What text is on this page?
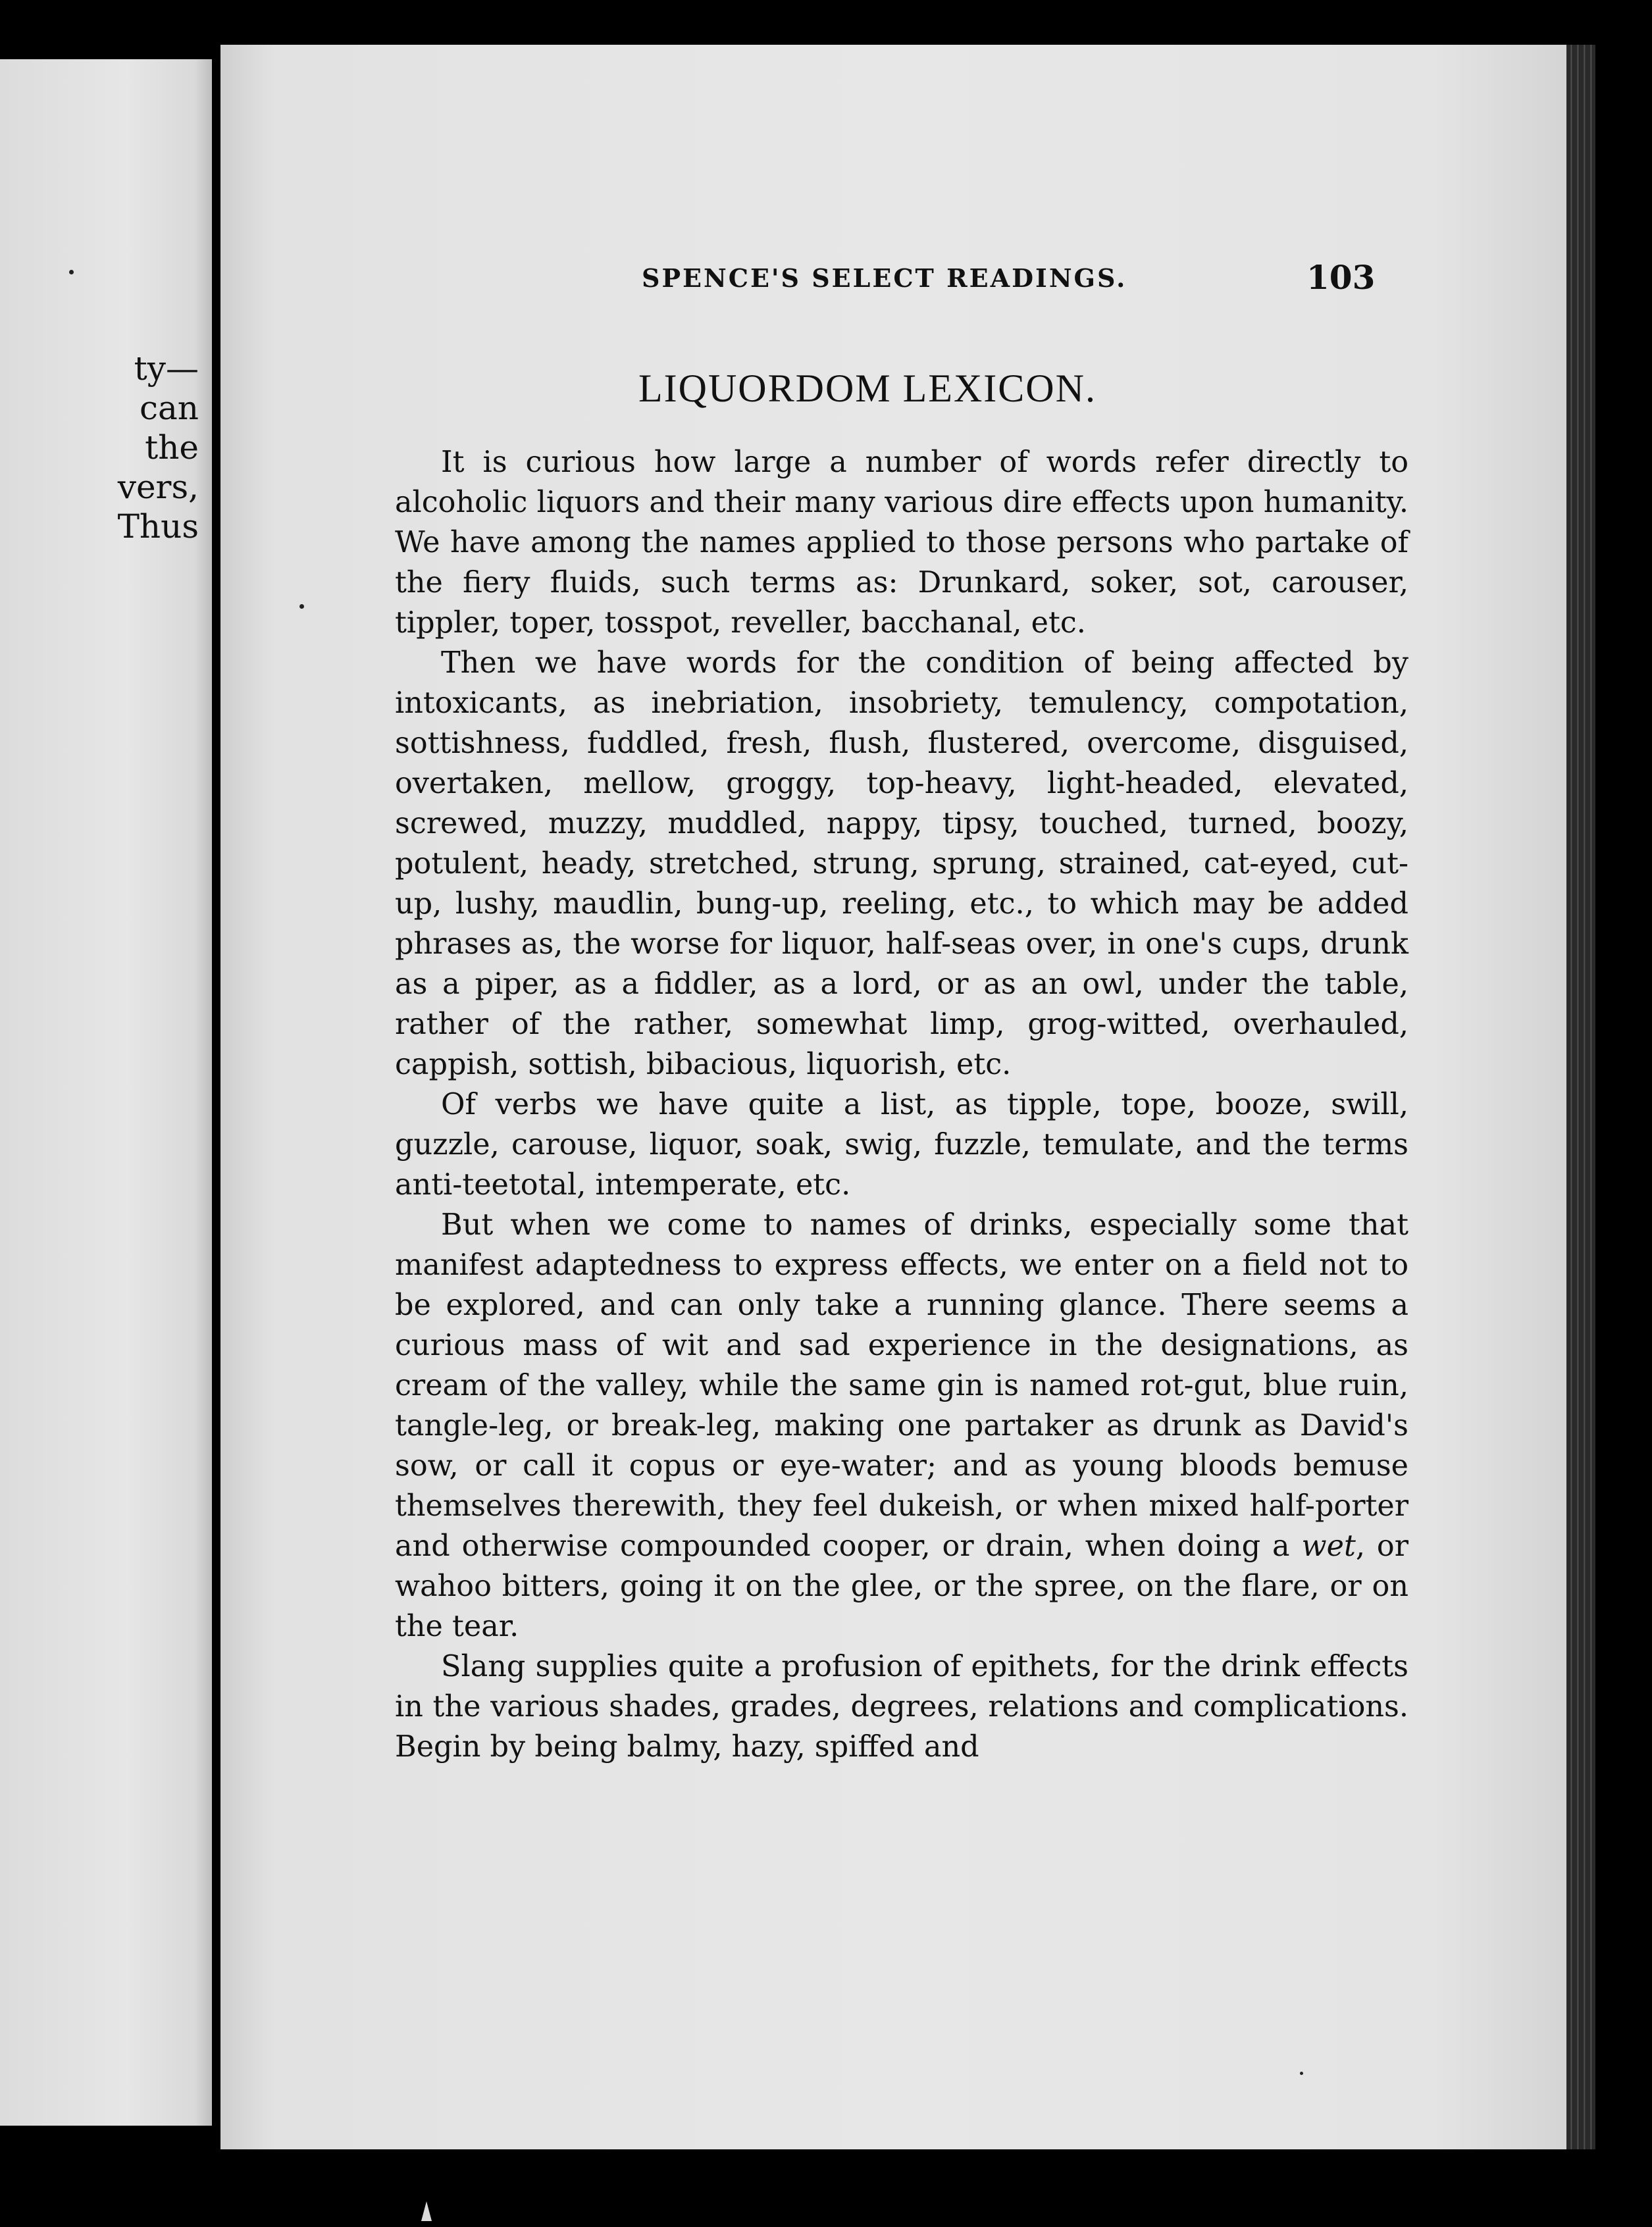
ty—
can
the
vers,
Thus
SPENCE'S SELECT READINGS.	103
LIQUORDOM LEXICON.

It is curious how large a number of words refer directly to alcoholic liquors and their many various dire effects upon humanity. We have among the names applied to those persons who partake of the fiery fluids, such terms as: Drunkard, soker, sot, carouser, tippler, toper, tosspot, reveller, bacchanal, etc.

Then we have words for the condition of being affected by intoxicants, as inebriation, insobriety, temulency, compotation, sottishness, fuddled, fresh, flush, flustered, overcome, disguised, overtaken, mellow, groggy, top-heavy, light-headed, elevated, screwed, muzzy, muddled, nappy, tipsy, touched, turned, boozy, potulent, heady, stretched, strung, sprung, strained, cat-eyed, cut-up, lushy, maudlin, bung-up, reeling, etc., to which may be added phrases as, the worse for liquor, half-seas over, in one's cups, drunk as a piper, as a fiddler, as a lord, or as an owl, under the table, rather of the rather, somewhat limp, grog-witted, overhauled, cappish, sottish, bibacious, liquorish, etc.

Of verbs we have quite a list, as tipple, tope, booze, swill, guzzle, carouse, liquor, soak, swig, fuzzle, temulate, and the terms anti-teetotal, intemperate, etc.

But when we come to names of drinks, especially some that manifest adaptedness to express effects, we enter on a field not to be explored, and can only take a running glance. There seems a curious mass of wit and sad experience in the designations, as cream of the valley, while the same gin is named rot-gut, blue ruin, tangle-leg, or break-leg, making one partaker as drunk as David's sow, or call it copus or eye-water; and as young bloods bemuse themselves therewith, they feel dukeish, or when mixed half-porter and otherwise compounded cooper, or drain, when doing a wet, or wahoo bitters, going it on the glee, or the spree, on the flare, or on the tear.

Slang supplies quite a profusion of epithets, for the drink effects in the various shades, grades, degrees, relations and complications. Begin by being balmy, hazy, spiffed and
